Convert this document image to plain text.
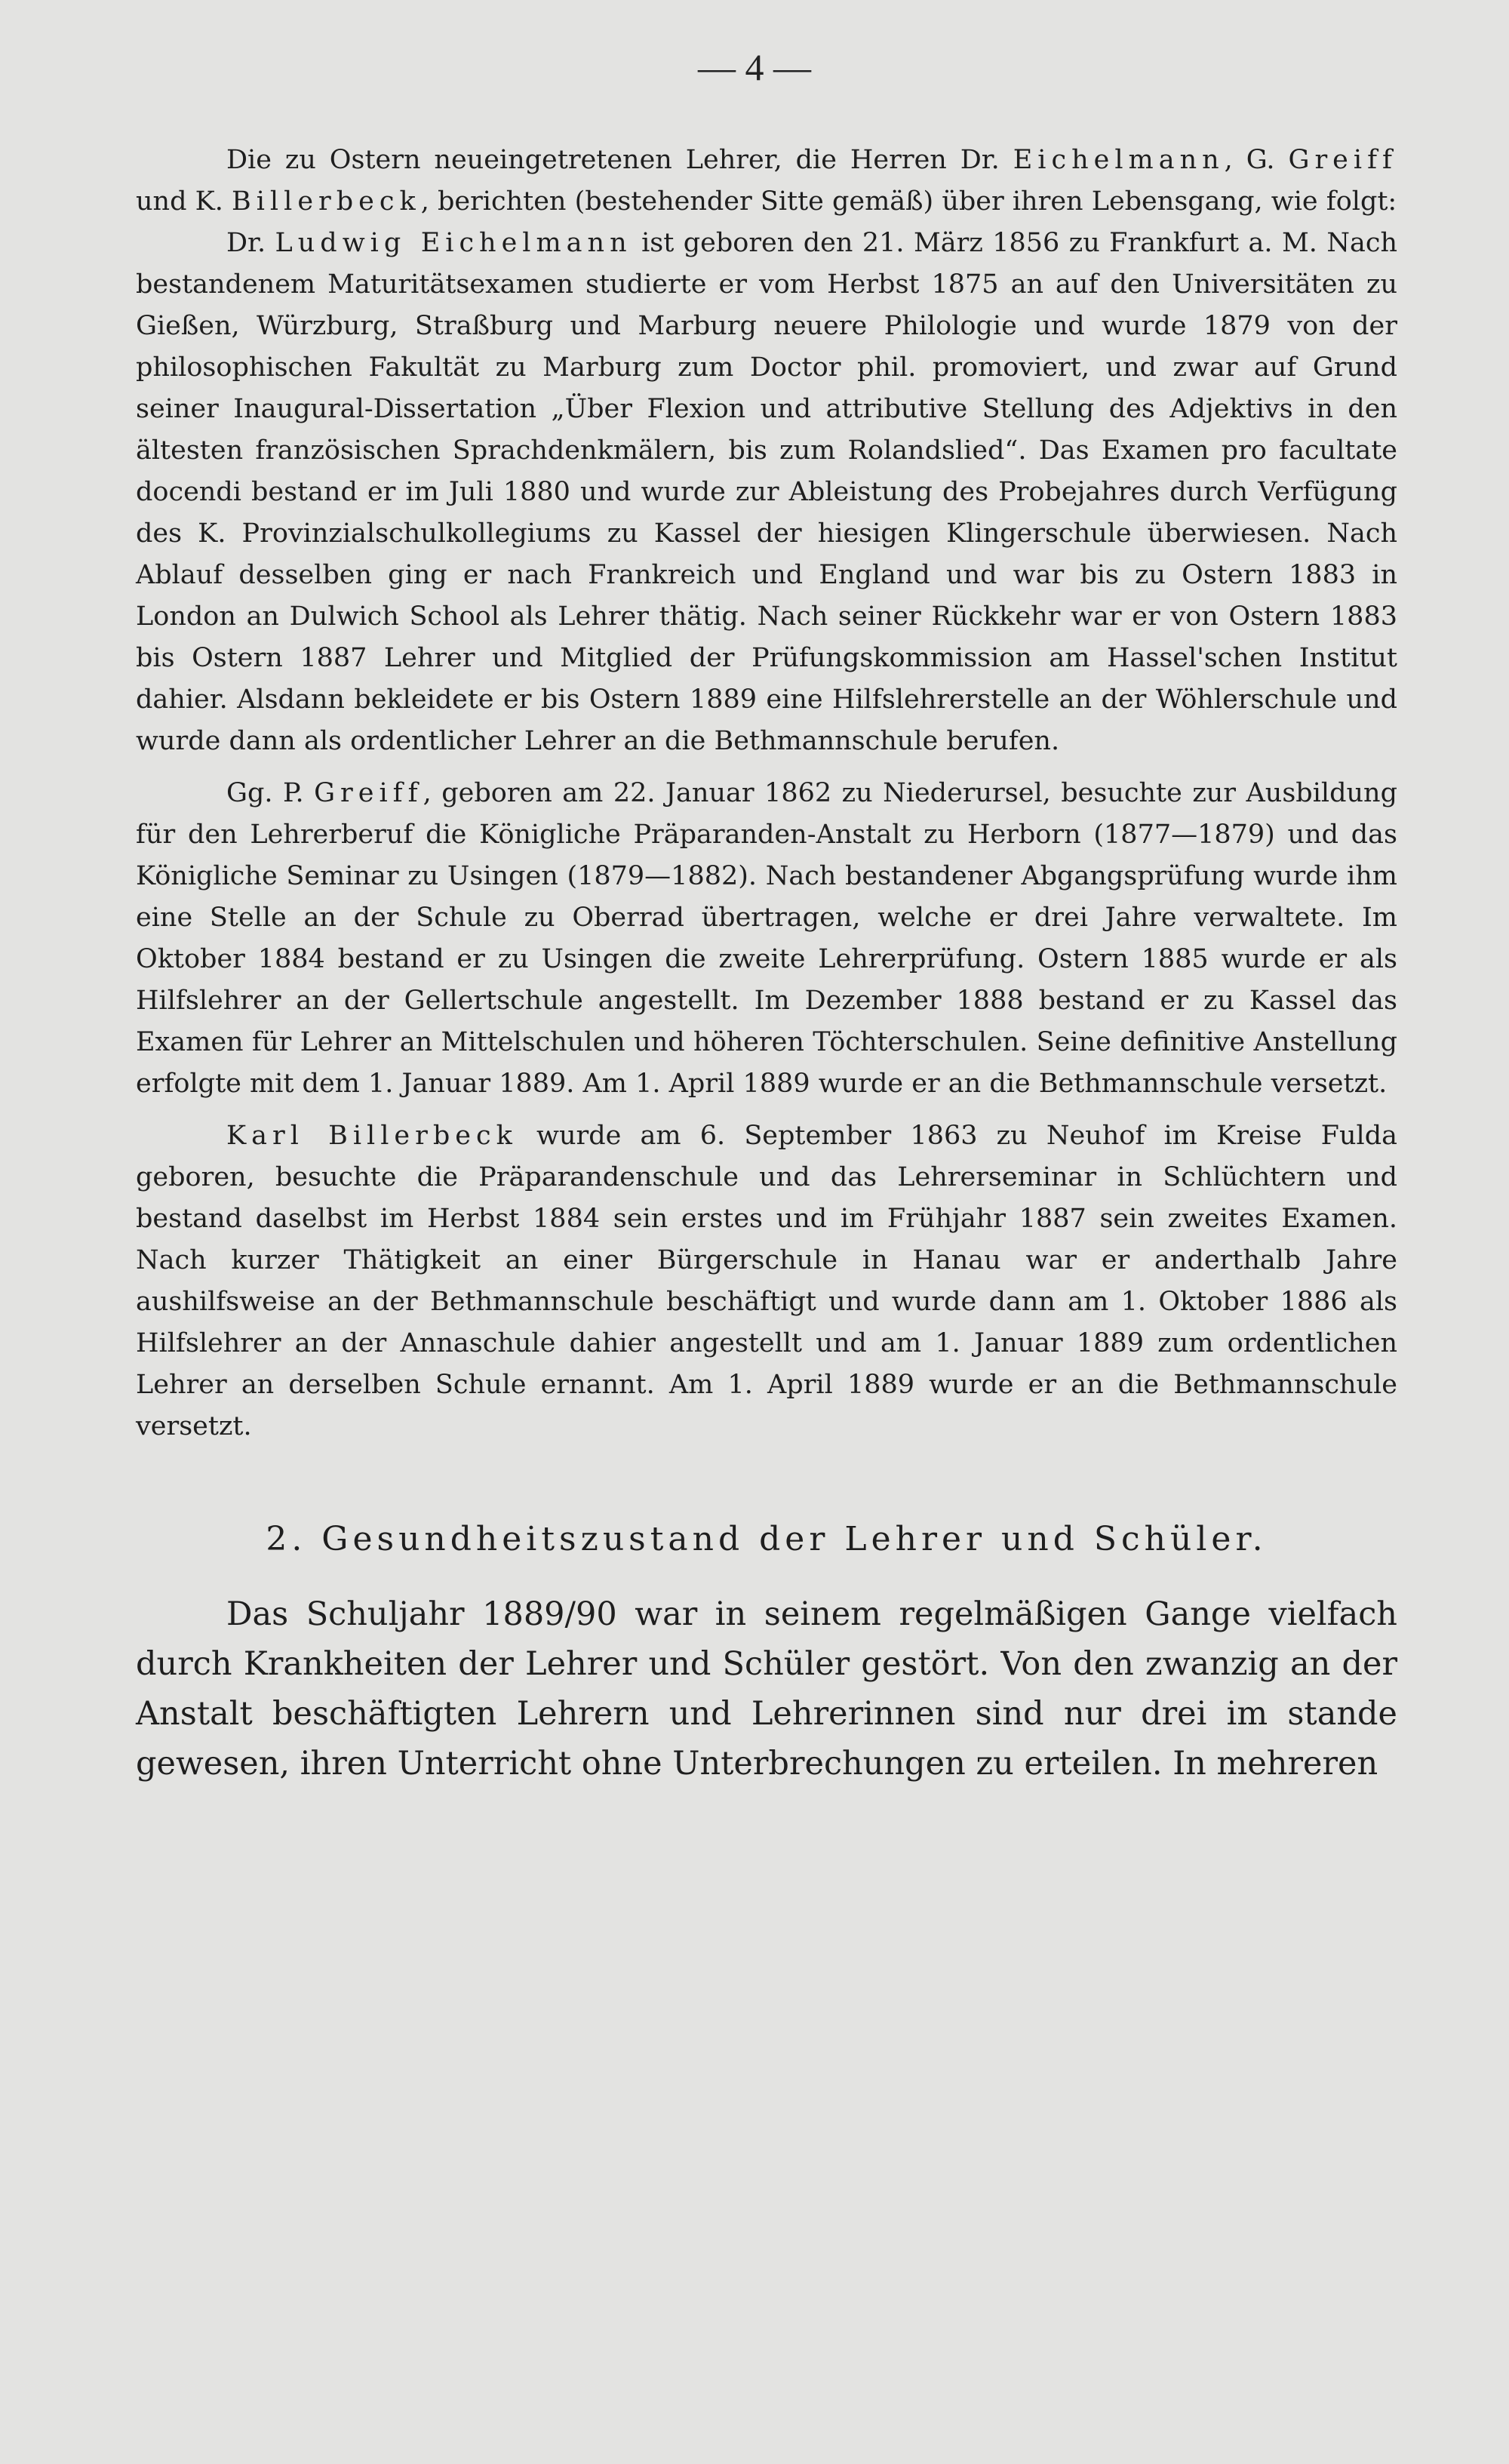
— 4 —

Die zu Ostern neueingetretenen Lehrer, die Herren Dr. Eichelmann, G. Greiff und K. Billerbeck, berichten (bestehender Sitte gemäß) über ihren Lebensgang, wie folgt:

Dr. Ludwig Eichelmann ist geboren den 21. März 1856 zu Frankfurt a. M. Nach bestandenem Maturitätsexamen studierte er vom Herbst 1875 an auf den Universitäten zu Gießen, Würzburg, Straßburg und Marburg neuere Philologie und wurde 1879 von der philosophischen Fakultät zu Marburg zum Doctor phil. promoviert, und zwar auf Grund seiner Inaugural-Dissertation „Über Flexion und attributive Stellung des Adjektivs in den ältesten französischen Sprachdenkmälern, bis zum Rolandslied“. Das Examen pro facultate docendi bestand er im Juli 1880 und wurde zur Ableistung des Probejahres durch Verfügung des K. Provinzialschulkollegiums zu Kassel der hiesigen Klingerschule überwiesen. Nach Ablauf desselben ging er nach Frankreich und England und war bis zu Ostern 1883 in London an Dulwich School als Lehrer thätig. Nach seiner Rückkehr war er von Ostern 1883 bis Ostern 1887 Lehrer und Mitglied der Prüfungskommission am Hassel'schen Institut dahier. Alsdann bekleidete er bis Ostern 1889 eine Hilfslehrerstelle an der Wöhlerschule und wurde dann als ordentlicher Lehrer an die Bethmannschule berufen.

Gg. P. Greiff, geboren am 22. Januar 1862 zu Niederursel, besuchte zur Ausbildung für den Lehrerberuf die Königliche Präparanden-Anstalt zu Herborn (1877—1879) und das Königliche Seminar zu Usingen (1879—1882). Nach bestandener Abgangsprüfung wurde ihm eine Stelle an der Schule zu Oberrad übertragen, welche er drei Jahre verwaltete. Im Oktober 1884 bestand er zu Usingen die zweite Lehrerprüfung. Ostern 1885 wurde er als Hilfslehrer an der Gellertschule angestellt. Im Dezember 1888 bestand er zu Kassel das Examen für Lehrer an Mittelschulen und höheren Töchterschulen. Seine definitive Anstellung erfolgte mit dem 1. Januar 1889. Am 1. April 1889 wurde er an die Bethmannschule versetzt.

Karl Billerbeck wurde am 6. September 1863 zu Neuhof im Kreise Fulda geboren, besuchte die Präparandenschule und das Lehrerseminar in Schlüchtern und bestand daselbst im Herbst 1884 sein erstes und im Frühjahr 1887 sein zweites Examen. Nach kurzer Thätigkeit an einer Bürgerschule in Hanau war er anderthalb Jahre aushilfsweise an der Bethmannschule beschäftigt und wurde dann am 1. Oktober 1886 als Hilfslehrer an der Annaschule dahier angestellt und am 1. Januar 1889 zum ordentlichen Lehrer an derselben Schule ernannt. Am 1. April 1889 wurde er an die Bethmannschule versetzt.

2. Gesundheitszustand der Lehrer und Schüler.

Das Schuljahr 1889/90 war in seinem regelmäßigen Gange vielfach durch Krankheiten der Lehrer und Schüler gestört. Von den zwanzig an der Anstalt beschäftigten Lehrern und Lehrerinnen sind nur drei im stande gewesen, ihren Unterricht ohne Unterbrechungen zu erteilen. In mehreren
